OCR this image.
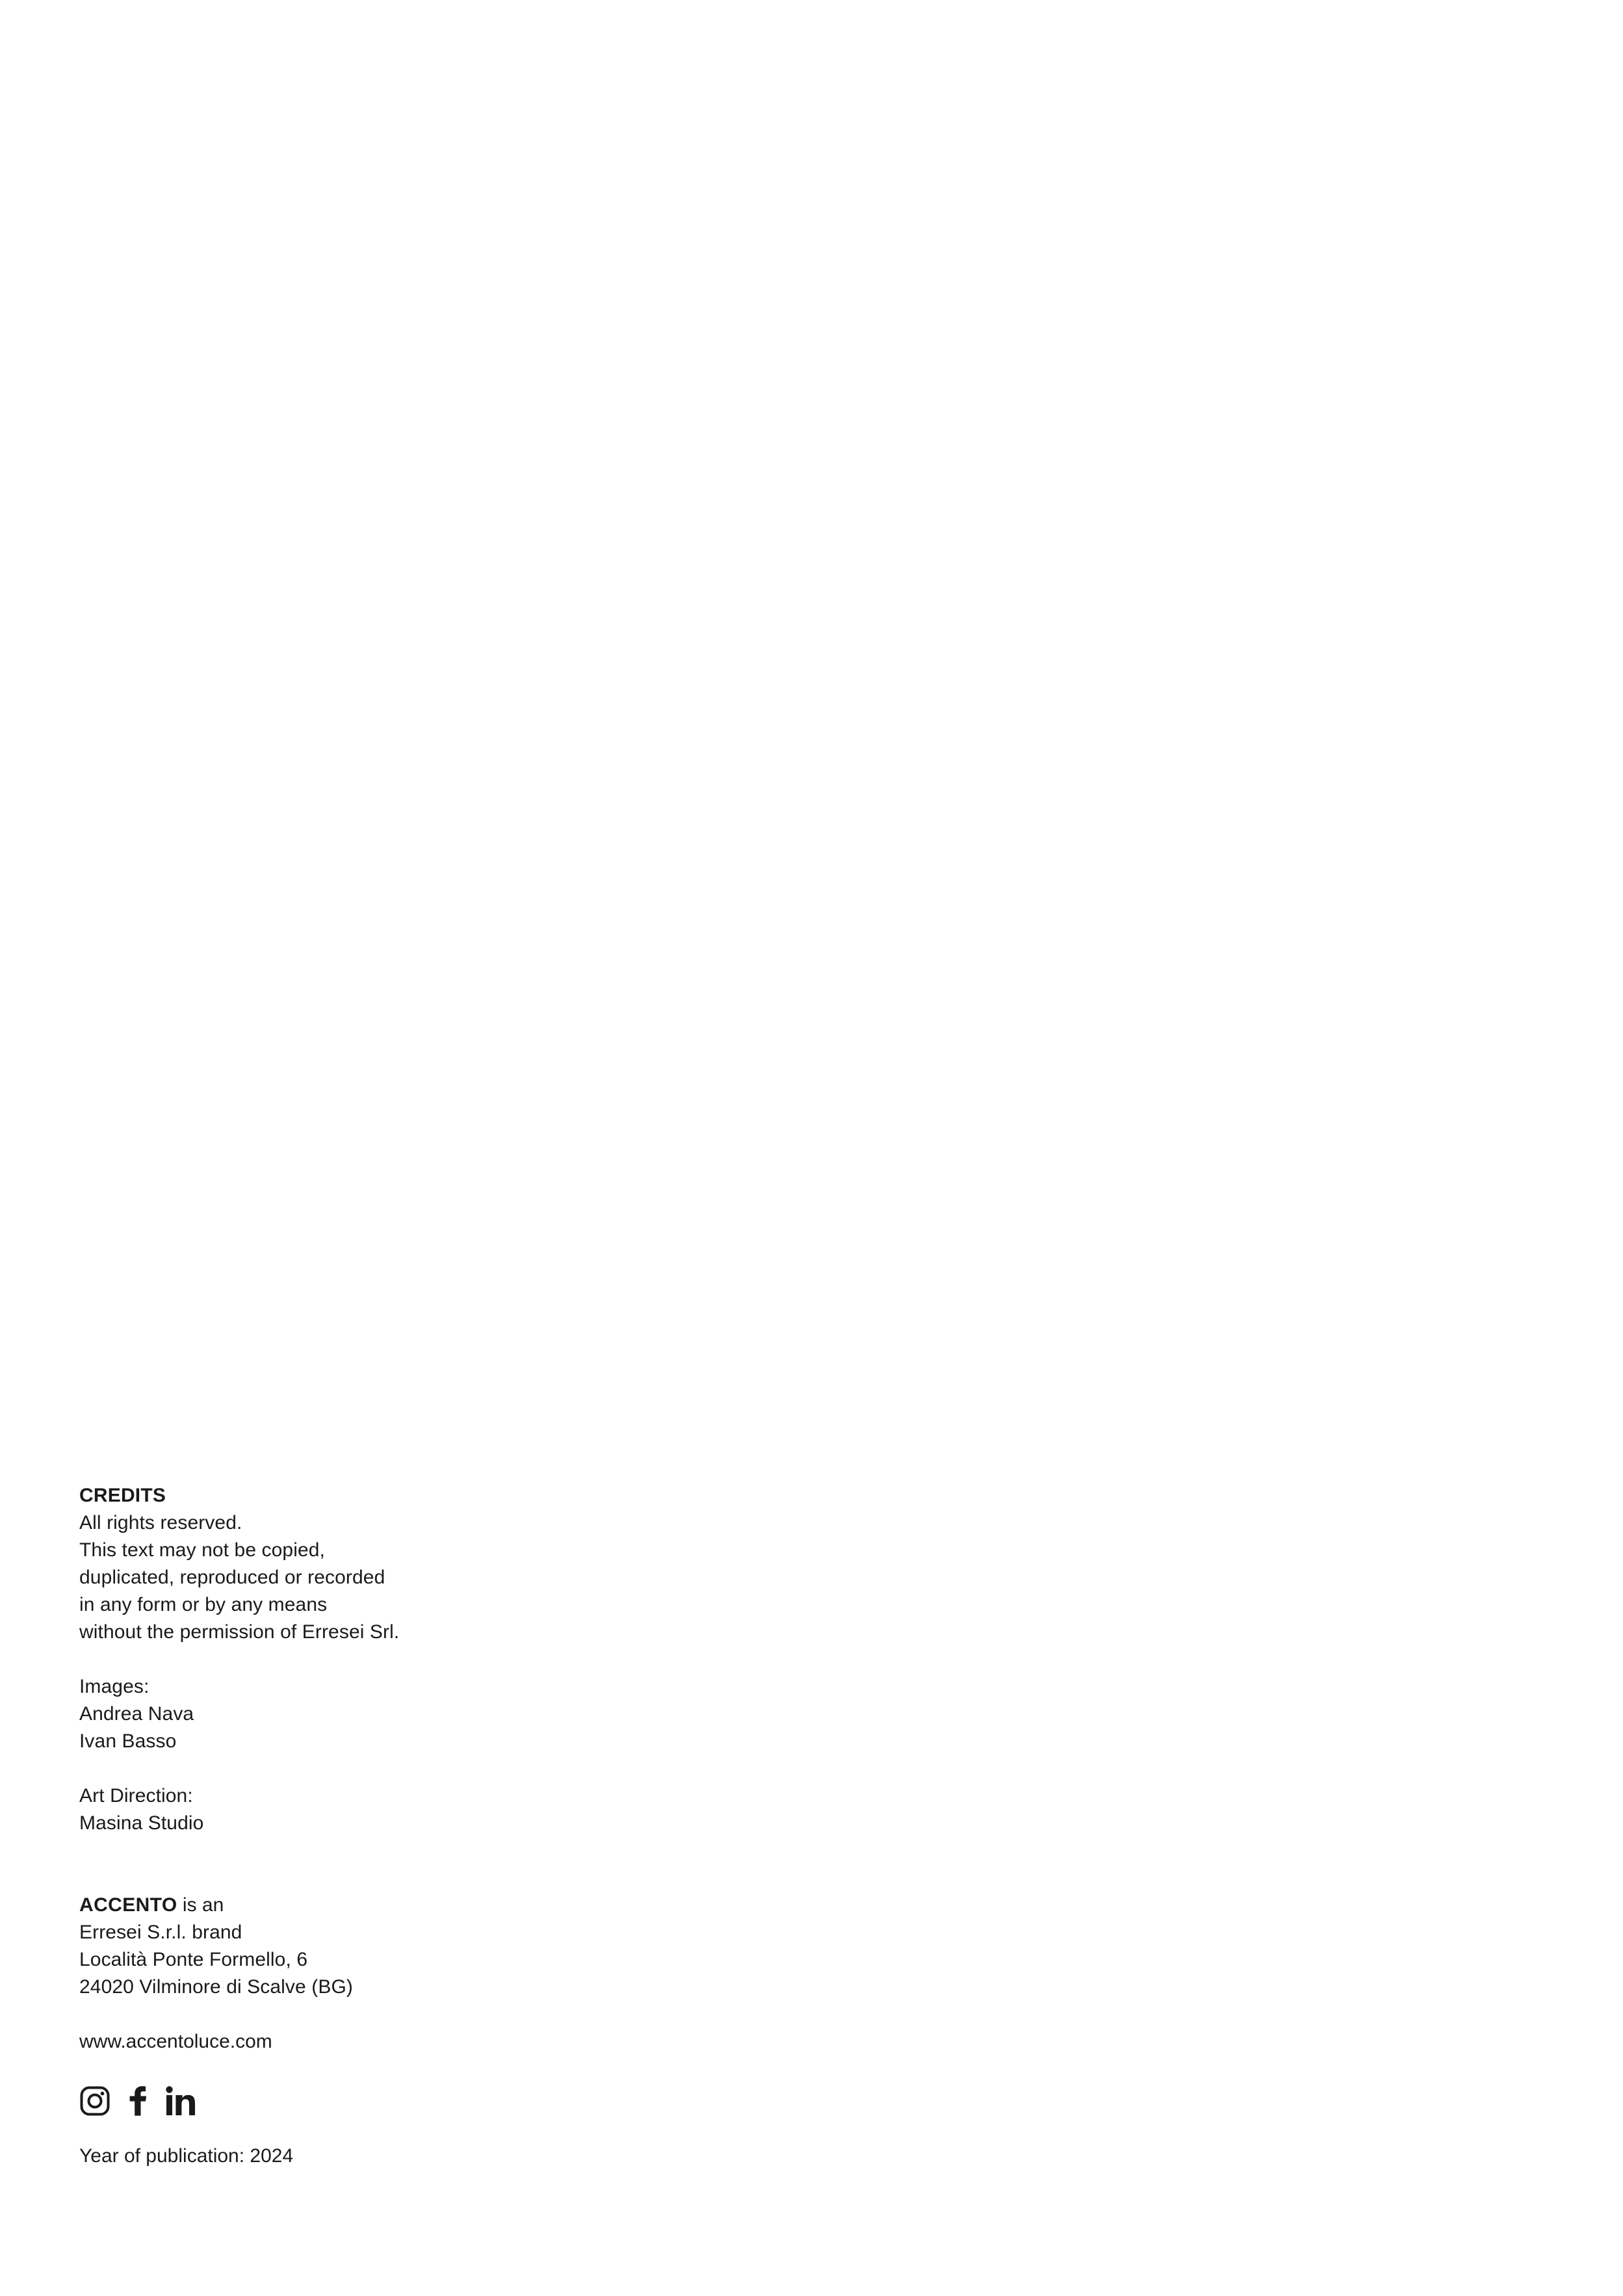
CREDITS

All rights reserved.

This text may not be copied,

duplicated, reproduced or recorded

in any form or by any means

without the permission of Erresei Srl.

Images:

Andrea Nava

Ivan Basso

Art Direction:

Masina Studio

ACCENTO is an

Erresei S.r.l. brand

Località Ponte Formello, 6

24020 Vilminore di Scalve (BG)

www.accentoluce.com

Year of publication: 2024
